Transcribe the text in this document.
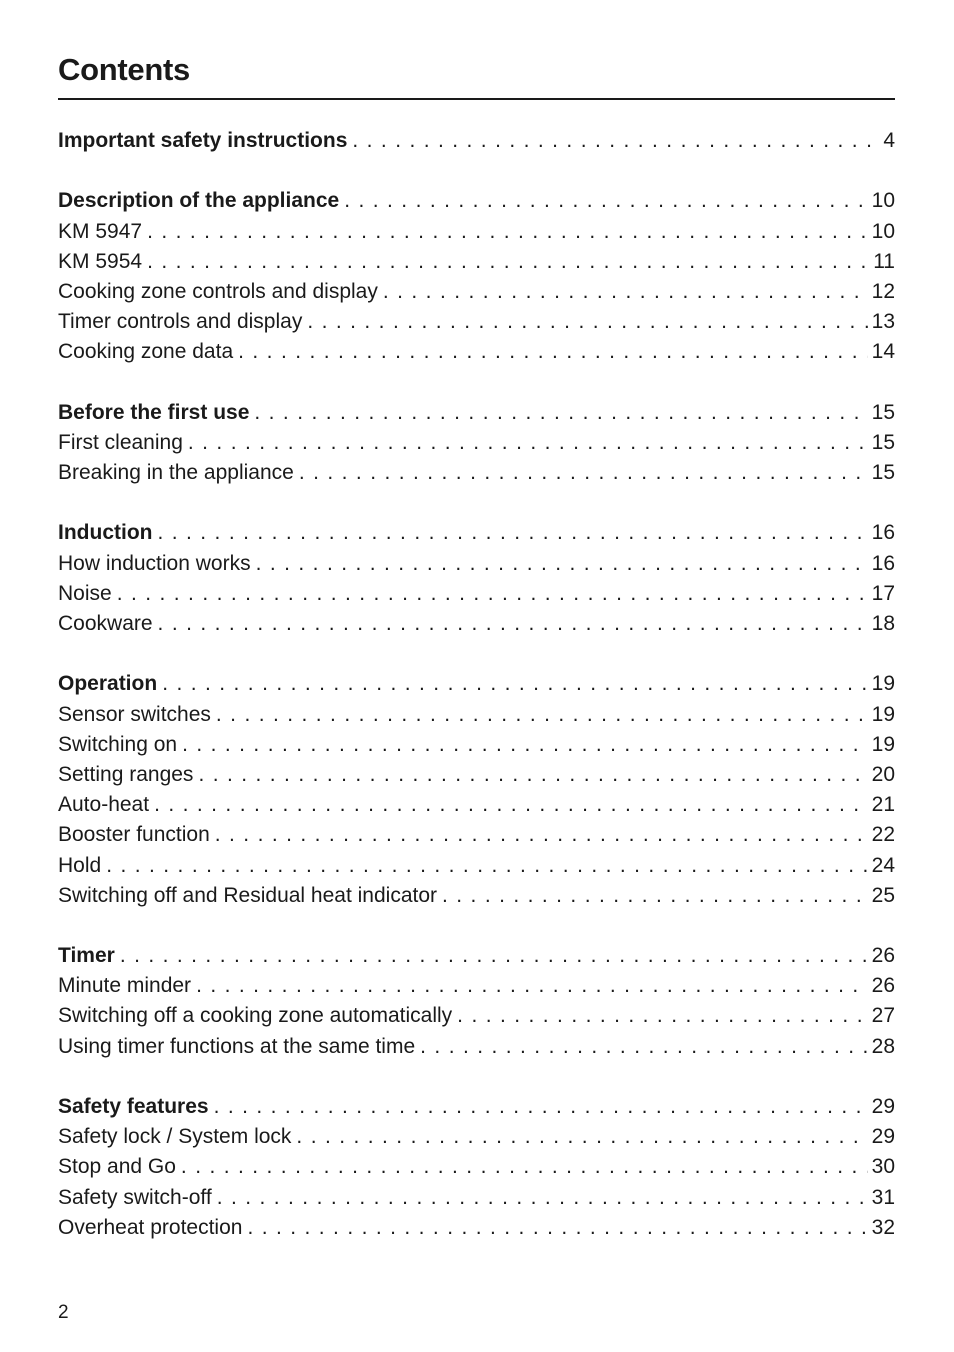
Contents
Important safety instructions . . .	4
Description of the appliance . . .	10
KM 5947 . . .	10
KM 5954 . . .	11
Cooking zone controls and display . . .	12
Timer controls and display . . .	13
Cooking zone data . . .	14
Before the first use . . .	15
First cleaning . . .	15
Breaking in the appliance . . .	15
Induction . . .	16
How induction works . . .	16
Noise . . .	17
Cookware . . .	18
Operation . . .	19
Sensor switches . . .	19
Switching on . . .	19
Setting ranges . . .	20
Auto-heat . . .	21
Booster function . . .	22
Hold . . .	24
Switching off and Residual heat indicator . . .	25
Timer . . .	26
Minute minder . . .	26
Switching off a cooking zone automatically . . .	27
Using timer functions at the same time . . .	28
Safety features . . .	29
Safety lock / System lock . . .	29
Stop and Go . . .	30
Safety switch-off . . .	31
Overheat protection . . .	32
2
